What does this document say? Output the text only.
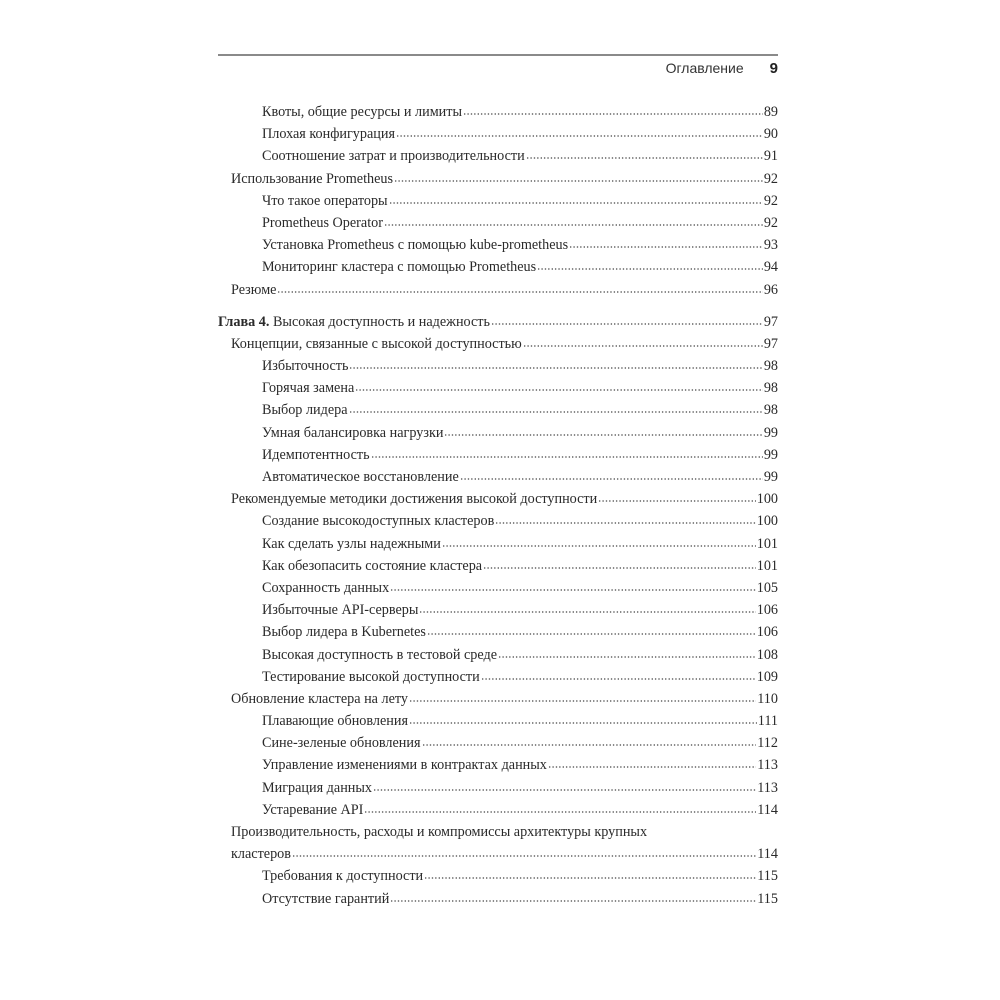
Оглавление 9
Квоты, общие ресурсы и лимиты	89
Плохая конфигурация	90
Соотношение затрат и производительности	91
Использование Prometheus	92
Что такое операторы	92
Prometheus Operator	92
Установка Prometheus с помощью kube-prometheus	93
Мониторинг кластера с помощью Prometheus	94
Резюме	96
Глава 4. Высокая доступность и надежность	97
Концепции, связанные с высокой доступностью	97
Избыточность	98
Горячая замена	98
Выбор лидера	98
Умная балансировка нагрузки	99
Идемпотентность	99
Автоматическое восстановление	99
Рекомендуемые методики достижения высокой доступности	100
Создание высокодоступных кластеров	100
Как сделать узлы надежными	101
Как обезопасить состояние кластера	101
Сохранность данных	105
Избыточные API-серверы	106
Выбор лидера в Kubernetes	106
Высокая доступность в тестовой среде	108
Тестирование высокой доступности	109
Обновление кластера на лету	110
Плавающие обновления	111
Сине-зеленые обновления	112
Управление изменениями в контрактах данных	113
Миграция данных	113
Устаревание API	114
Производительность, расходы и компромиссы архитектуры крупных
кластеров	114
Требования к доступности	115
Отсутствие гарантий	115
